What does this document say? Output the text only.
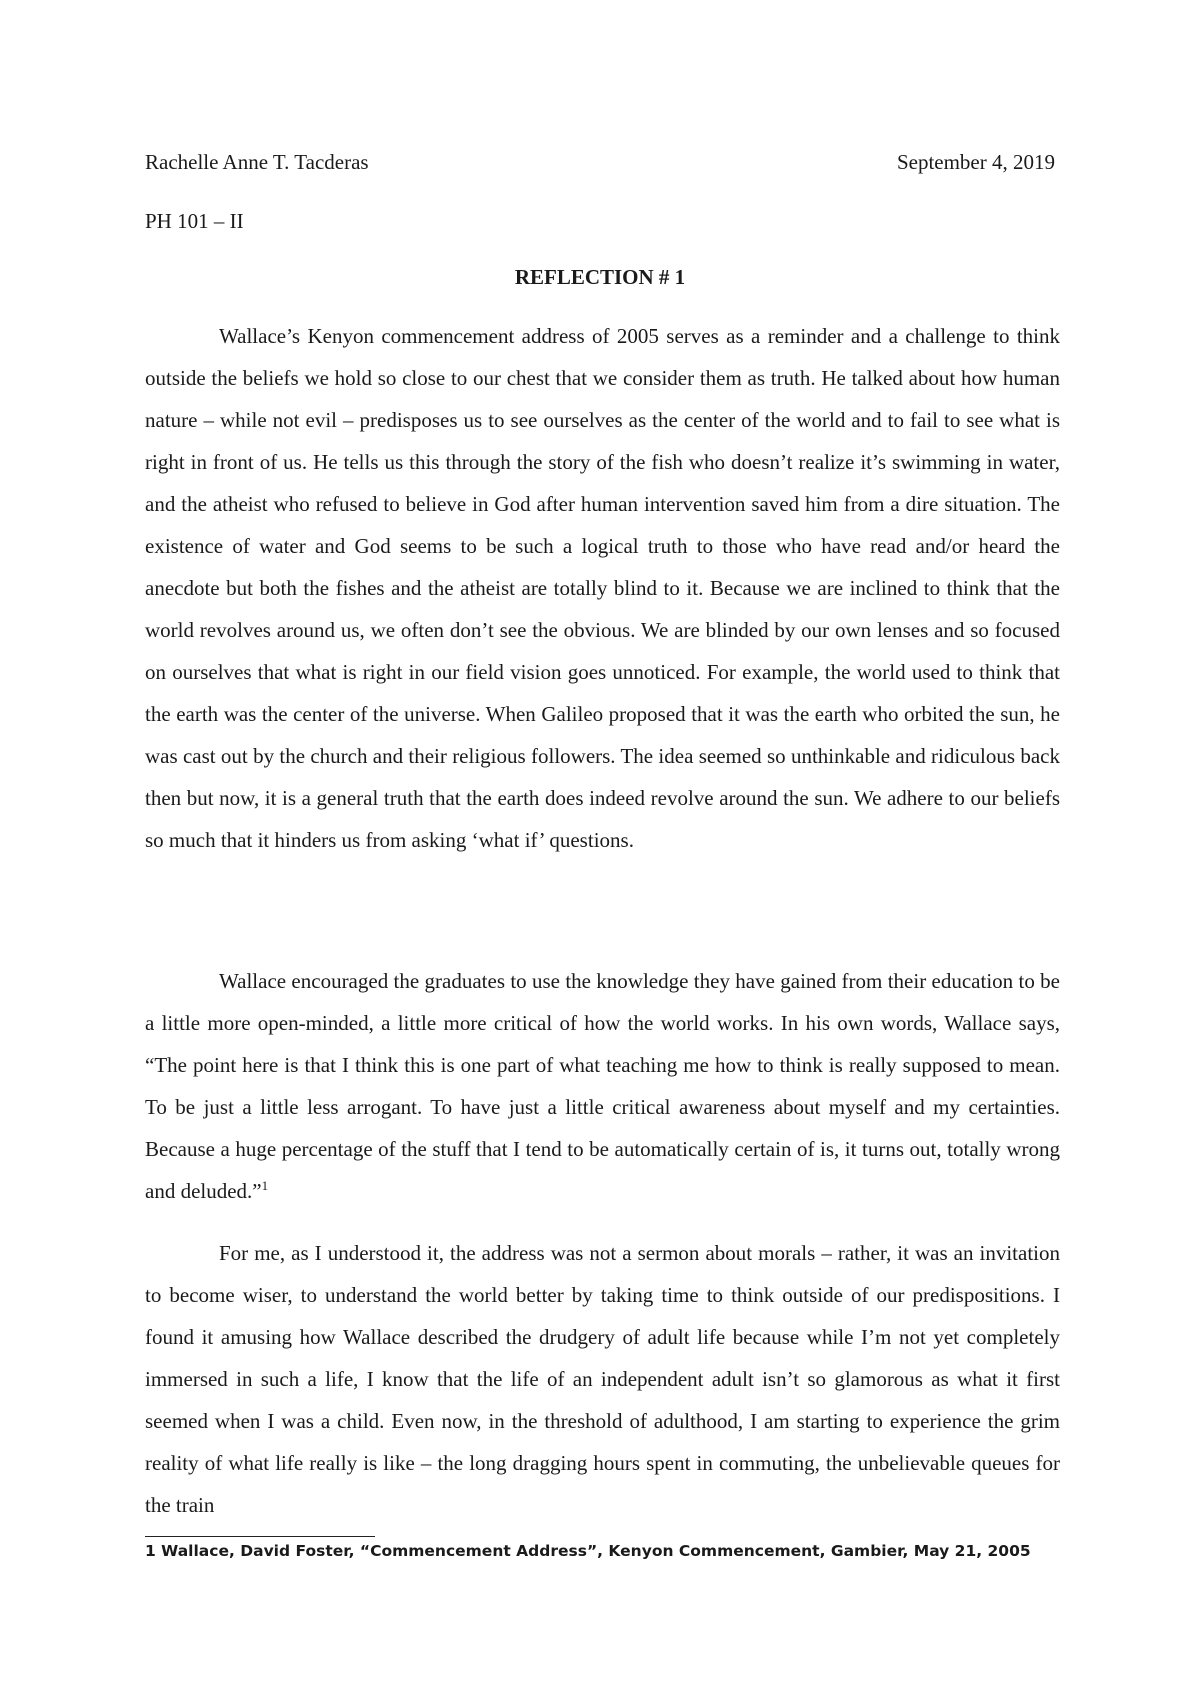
Rachelle Anne T. Tacderas	September 4, 2019
PH 101 – II
REFLECTION # 1

Wallace’s Kenyon commencement address of 2005 serves as a reminder and a challenge to think outside the beliefs we hold so close to our chest that we consider them as truth. He talked about how human nature – while not evil – predisposes us to see ourselves as the center of the world and to fail to see what is right in front of us. He tells us this through the story of the fish who doesn’t realize it’s swimming in water, and the atheist who refused to believe in God after human intervention saved him from a dire situation. The existence of water and God seems to be such a logical truth to those who have read and/or heard the anecdote but both the fishes and the atheist are totally blind to it. Because we are inclined to think that the world revolves around us, we often don’t see the obvious. We are blinded by our own lenses and so focused on ourselves that what is right in our field vision goes unnoticed. For example, the world used to think that the earth was the center of the universe. When Galileo proposed that it was the earth who orbited the sun, he was cast out by the church and their religious followers. The idea seemed so unthinkable and ridiculous back then but now, it is a general truth that the earth does indeed revolve around the sun. We adhere to our beliefs so much that it hinders us from asking ‘what if’ questions.

Wallace encouraged the graduates to use the knowledge they have gained from their education to be a little more open-minded, a little more critical of how the world works. In his own words, Wallace says, “The point here is that I think this is one part of what teaching me how to think is really supposed to mean. To be just a little less arrogant. To have just a little critical awareness about myself and my certainties. Because a huge percentage of the stuff that I tend to be automatically certain of is, it turns out, totally wrong and deluded.”$^1$

For me, as I understood it, the address was not a sermon about morals – rather, it was an invitation to become wiser, to understand the world better by taking time to think outside of our predispositions. I found it amusing how Wallace described the drudgery of adult life because while I’m not yet completely immersed in such a life, I know that the life of an independent adult isn’t so glamorous as what it first seemed when I was a child. Even now, in the threshold of adulthood, I am starting to experience the grim reality of what life really is like – the long dragging hours spent in commuting, the unbelievable queues for the train

1 Wallace, David Foster, “Commencement Address”, Kenyon Commencement, Gambier, May 21, 2005
